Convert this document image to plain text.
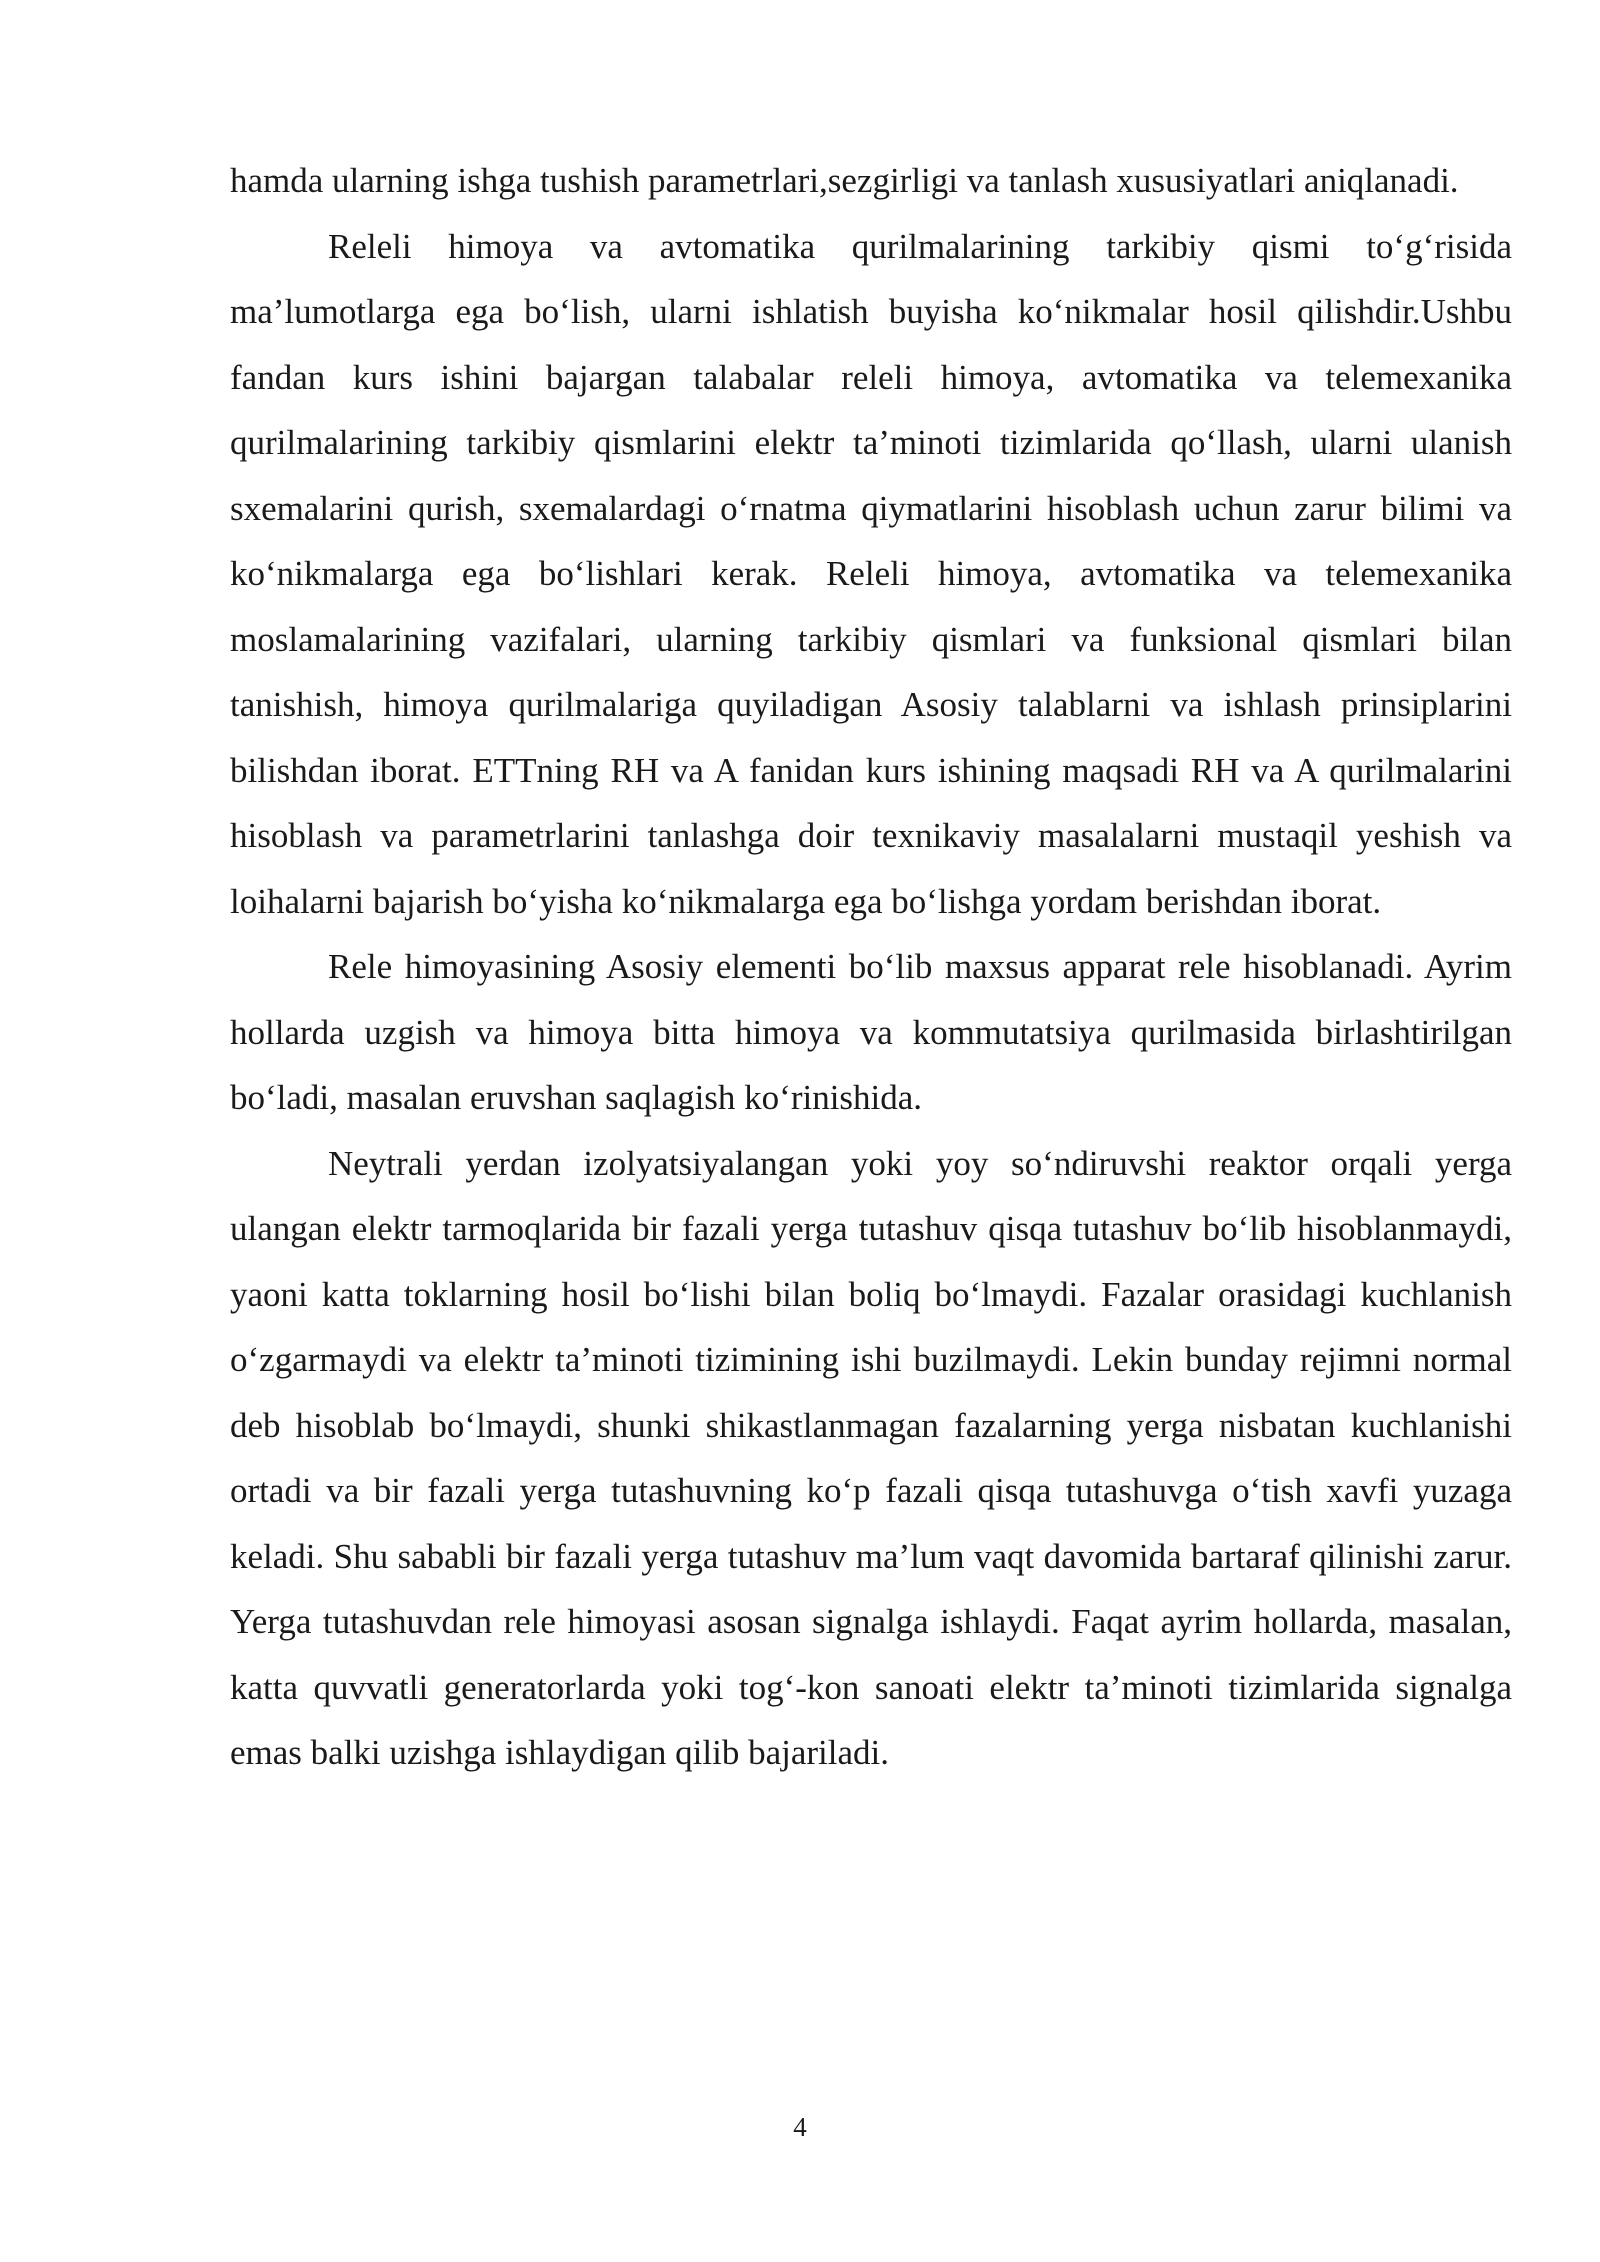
hamda ularning ishga tushish parametrlari,sezgirligi va tanlash xususiyatlari aniqlanadi.

Releli himoya va avtomatika qurilmalarining tarkibiy qismi to‘g‘risida ma’lumotlarga ega bo‘lish, ularni ishlatish buyisha ko‘nikmalar hosil qilishdir.Ushbu fandan kurs ishini bajargan talabalar releli himoya, avtomatika va telemexanika qurilmalarining tarkibiy qismlarini elektr ta’minoti tizimlarida qo‘llash, ularni ulanish sxemalarini qurish, sxemalardagi o‘rnatma qiymatlarini hisoblash uchun zarur bilimi va ko‘nikmalarga ega bo‘lishlari kerak. Releli himoya, avtomatika va telemexanika moslamalarining vazifalari, ularning tarkibiy qismlari va funksional qismlari bilan tanishish, himoya qurilmalariga quyiladigan Asosiy talablarni va ishlash prinsiplarini bilishdan iborat. ETTning RH va A fanidan kurs ishining maqsadi RH va A qurilmalarini hisoblash va parametrlarini tanlashga doir texnikaviy masalalarni mustaqil yeshish va loihalarni bajarish bo‘yisha ko‘nikmalarga ega bo‘lishga yordam berishdan iborat.

Rele himoyasining Asosiy elementi bo‘lib maxsus apparat rele hisoblanadi. Ayrim hollarda uzgish va himoya bitta himoya va kommutatsiya qurilmasida birlashtirilgan bo‘ladi, masalan eruvshan saqlagish ko‘rinishida.

Neytrali yerdan izolyatsiyalangan yoki yoy so‘ndiruvshi reaktor orqali yerga ulangan elektr tarmoqlarida bir fazali yerga tutashuv qisqa tutashuv bo‘lib hisoblanmaydi, yaoni katta toklarning hosil bo‘lishi bilan boliq bo‘lmaydi. Fazalar orasidagi kuchlanish o‘zgarmaydi va elektr ta’minoti tizimining ishi buzilmaydi. Lekin bunday rejimni normal deb hisoblab bo‘lmaydi, shunki shikastlanmagan fazalarning yerga nisbatan kuchlanishi ortadi va bir fazali yerga tutashuvning ko‘p fazali qisqa tutashuvga o‘tish xavfi yuzaga keladi. Shu sababli bir fazali yerga tutashuv ma’lum vaqt davomida bartaraf qilinishi zarur. Yerga tutashuvdan rele himoyasi asosan signalga ishlaydi. Faqat ayrim hollarda, masalan, katta quvvatli generatorlarda yoki tog‘-kon sanoati elektr ta’minoti tizimlarida signalga emas balki uzishga ishlaydigan qilib bajariladi.

4
